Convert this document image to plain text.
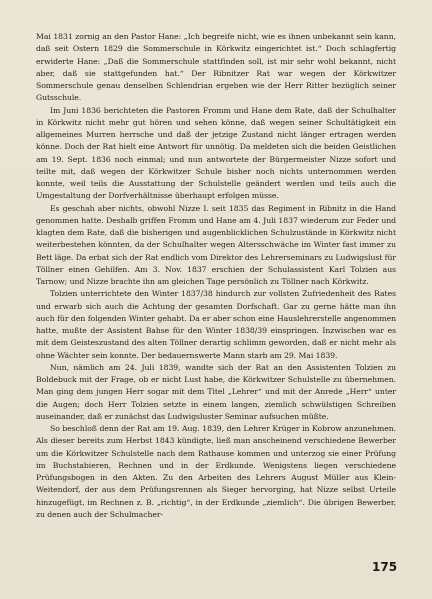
Mai 1831 zornig an den Pastor Hane: „Ich begreife nicht, wie es ihnen unbekannt sein kann, daß seit Ostern 1829 die Sommerschule in Körkwitz eingerichtet ist.“ Doch schlagfertig erwiderte Hane: „Daß die Sommerschule stattfinden soll, ist mir sehr wohl bekannt, nicht aber, daß sie stattgefunden hat.“ Der Ribnitzer Rat war wegen der Körkwitzer Sommerschule genau denselben Schlendrian ergeben wie der Herr Ritter bezüglich seiner Gutsschule.

Im Juni 1836 berichteten die Pastoren Fromm und Hane dem Rate, daß der Schulhalter in Körkwitz nicht mehr gut hören und sehen könne, daß wegen seiner Schultätigkeit ein allgemeines Murren herrsche und daß der jetzige Zustand nicht länger ertragen werden könne. Doch der Rat hielt eine Antwort für unnötig. Da meldeten sich die beiden Geistlichen am 19. Sept. 1836 noch einmal; und nun antwortete der Bürgermeister Nizze sofort und teilte mit, daß wegen der Körkwitzer Schule bisher noch nichts unternommen werden konnte, weil teils die Ausstattung der Schulstelle geändert werden und teils auch die Umgestaltung der Dorfverhältnisse überhaupt erfolgen müsse.

Es geschah aber nichts, obwohl Nizze I. seit 1835 das Regiment in Ribnitz in die Hand genommen hatte. Deshalb griffen Fromm und Hane am 4. Juli 1837 wiederum zur Feder und klagten dem Rate, daß die bisherigen und augenblicklichen Schulzustände in Körkwitz nicht weiterbestehen könnten, da der Schulhalter wegen Altersschwäche im Winter fast immer zu Bett läge. Da erbat sich der Rat endlich vom Direktor des Lehrerseminars zu Ludwigslust für Töllner einen Gehilfen. Am 3. Nov. 1837 erschien der Schulassistent Karl Tolzien aus Tarnow; und Nizze brachte ihn am gleichen Tage persönlich zu Töllner nach Körkwitz.

Tolzien unterrichtete den Winter 1837/38 hindurch zur vollsten Zufriedenheit des Rates und erwarb sich auch die Achtung der gesamten Dorfschaft. Gar zu gerne hätte man ihn auch für den folgenden Winter gehabt. Da er aber schon eine Hauslehrerstelle angenommen hatte, mußte der Assistent Bahse für den Winter 1838/39 einspringen. Inzwischen war es mit dem Geisteszustand des alten Töllner derartig schlimm geworden, daß er nicht mehr als ohne Wächter sein konnte. Der bedauernswerte Mann starb am 29. Mai 1839.

Nun, nämlich am 24. Juli 1839, wandte sich der Rat an den Assistenten Tolzien zu Boldebuck mit der Frage, ob er nicht Lust habe, die Körkwitzer Schulstelle zu übernehmen. Man ging dem jungen Herr sogar mit dem Titel „Lehrer“ und mit der Anrede „Herr“ unter die Augen; doch Herr Tolzien setzte in einem langen, ziemlich schwülstigen Schreiben auseinander, daß er zunächst das Ludwigsluster Seminar aufsuchen müßte.

So beschloß denn der Rat am 19. Aug. 1839, den Lehrer Krüger in Kobrow anzunehmen. Als dieser bereits zum Herbst 1843 kündigte, ließ man anscheinend verschiedene Bewerber um die Körkwitzer Schulstelle nach dem Rathause kommen und unterzog sie einer Prüfung im Buchstabieren, Rechnen und in der Erdkunde. Wenigstens liegen verschiedene Prüfungsbogen in den Akten. Zu den Arbeiten des Lehrers August Müller aus Klein-Weitendorf, der aus dem Prüfungsrennen als Sieger hervorging, hat Nizze selbst Urteile hinzugefügt, im Rechnen z. B. „richtig“, in der Erdkunde „ziemlich“. Die übrigen Bewerber, zu denen auch der Schulmacher-

175
